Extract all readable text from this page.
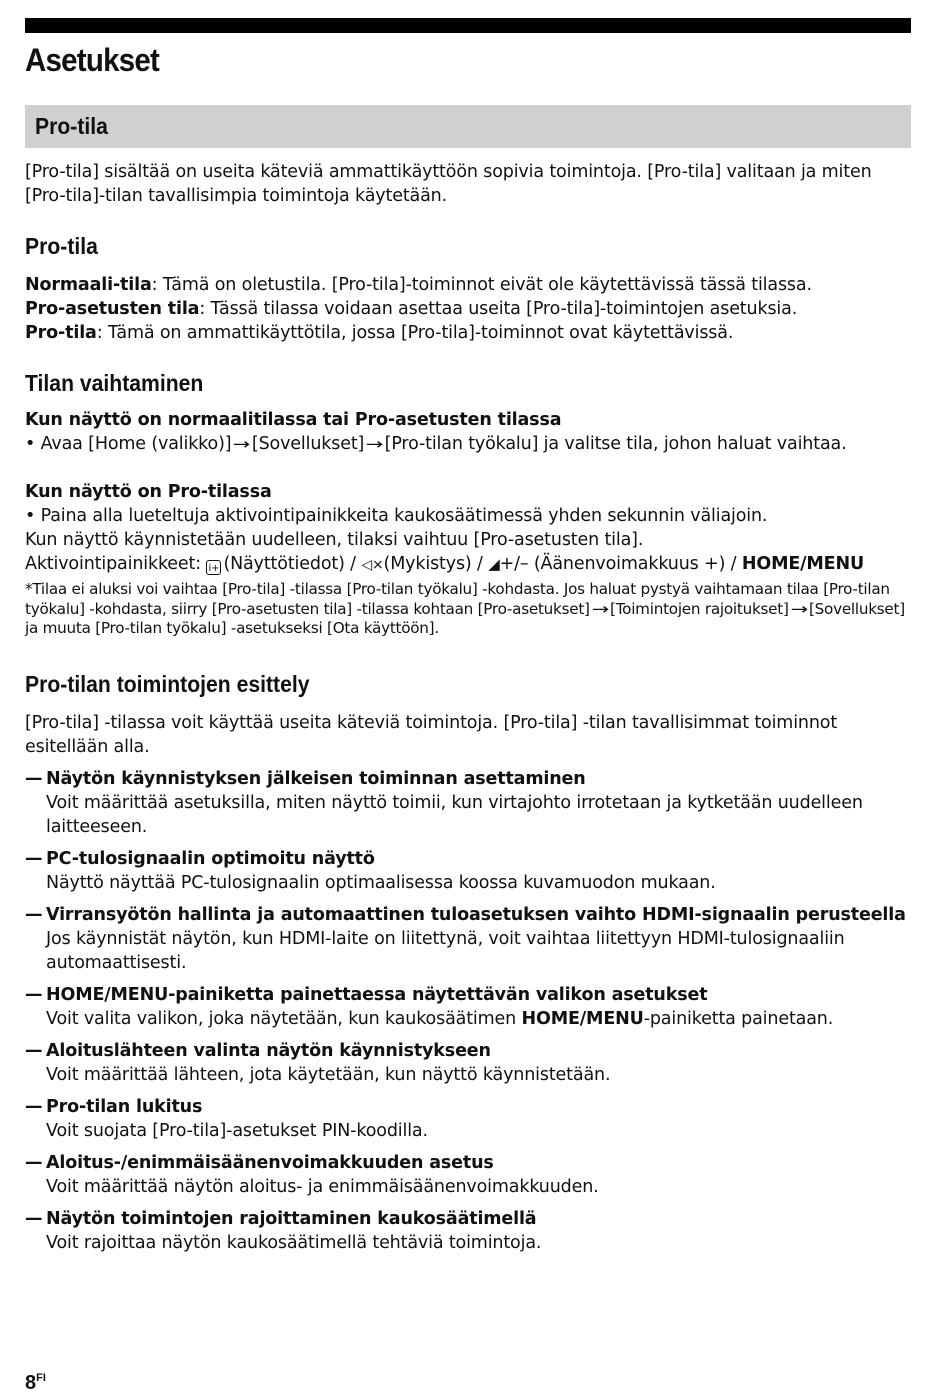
Asetukset
Pro-tila

[Pro-tila] sisältää on useita käteviä ammattikäyttöön sopivia toimintoja. [Pro-tila] valitaan ja miten [Pro-tila]-tilan tavallisimpia toimintoja käytetään.

Pro-tila

Normaali-tila: Tämä on oletustila. [Pro-tila]-toiminnot eivät ole käytettävissä tässä tilassa.

Pro-asetusten tila: Tässä tilassa voidaan asettaa useita [Pro-tila]-toimintojen asetuksia.

Pro-tila: Tämä on ammattikäyttötila, jossa [Pro-tila]-toiminnot ovat käytettävissä.

Tilan vaihtaminen
Kun näyttö on normaalitilassa tai Pro-asetusten tilassa

• Avaa [Home (valikko)] →[Sovellukset] →[Pro-tilan työkalu] ja valitse tila, johon haluat vaihtaa.

Kun näyttö on Pro-tilassa

• Paina alla lueteltuja aktivointipainikkeita kaukosäätimessä yhden sekunnin väliajoin.

Kun näyttö käynnistetään uudelleen, tilaksi vaihtuu [Pro-asetusten tila].

Aktivointipainikkeet: i+ (Näyttötiedot) / ◁×(Mykistys) / ◢+/– (Äänenvoimakkuus +) / HOME/MENU

*Tilaa ei aluksi voi vaihtaa [Pro-tila] -tilassa [Pro-tilan työkalu] -kohdasta. Jos haluat pystyä vaihtamaan tilaa [Pro-tilan työkalu] -kohdasta, siirry [Pro-asetusten tila] -tilassa kohtaan [Pro-asetukset] → [Toimintojen rajoitukset] → [Sovellukset] ja muuta [Pro-tilan työkalu] -asetukseksi [Ota käyttöön].

Pro-tilan toimintojen esittely

[Pro-tila] -tilassa voit käyttää useita käteviä toimintoja. [Pro-tila] -tilan tavallisimmat toiminnot esitellään alla.

— Näytön käynnistyksen jälkeisen toiminnan asettaminen
Voit määrittää asetuksilla, miten näyttö toimii, kun virtajohto irrotetaan ja kytketään uudelleen laitteeseen.
— PC-tulosignaalin optimoitu näyttö
Näyttö näyttää PC-tulosignaalin optimaalisessa koossa kuvamuodon mukaan.
— Virransyötön hallinta ja automaattinen tuloasetuksen vaihto HDMI-signaalin perusteella
Jos käynnistät näytön, kun HDMI-laite on liitettynä, voit vaihtaa liitettyyn HDMI-tulosignaaliin automaattisesti.
— HOME/MENU-painiketta painettaessa näytettävän valikon asetukset
Voit valita valikon, joka näytetään, kun kaukosäätimen HOME/MENU-painiketta painetaan.
— Aloituslähteen valinta näytön käynnistykseen
Voit määrittää lähteen, jota käytetään, kun näyttö käynnistetään.
— Pro-tilan lukitus
Voit suojata [Pro-tila]-asetukset PIN-koodilla.
— Aloitus-/enimmäisäänenvoimakkuuden asetus
Voit määrittää näytön aloitus- ja enimmäisäänenvoimakkuuden.
— Näytön toimintojen rajoittaminen kaukosäätimellä
Voit rajoittaa näytön kaukosäätimellä tehtäviä toimintoja.
$8^{FI}$
